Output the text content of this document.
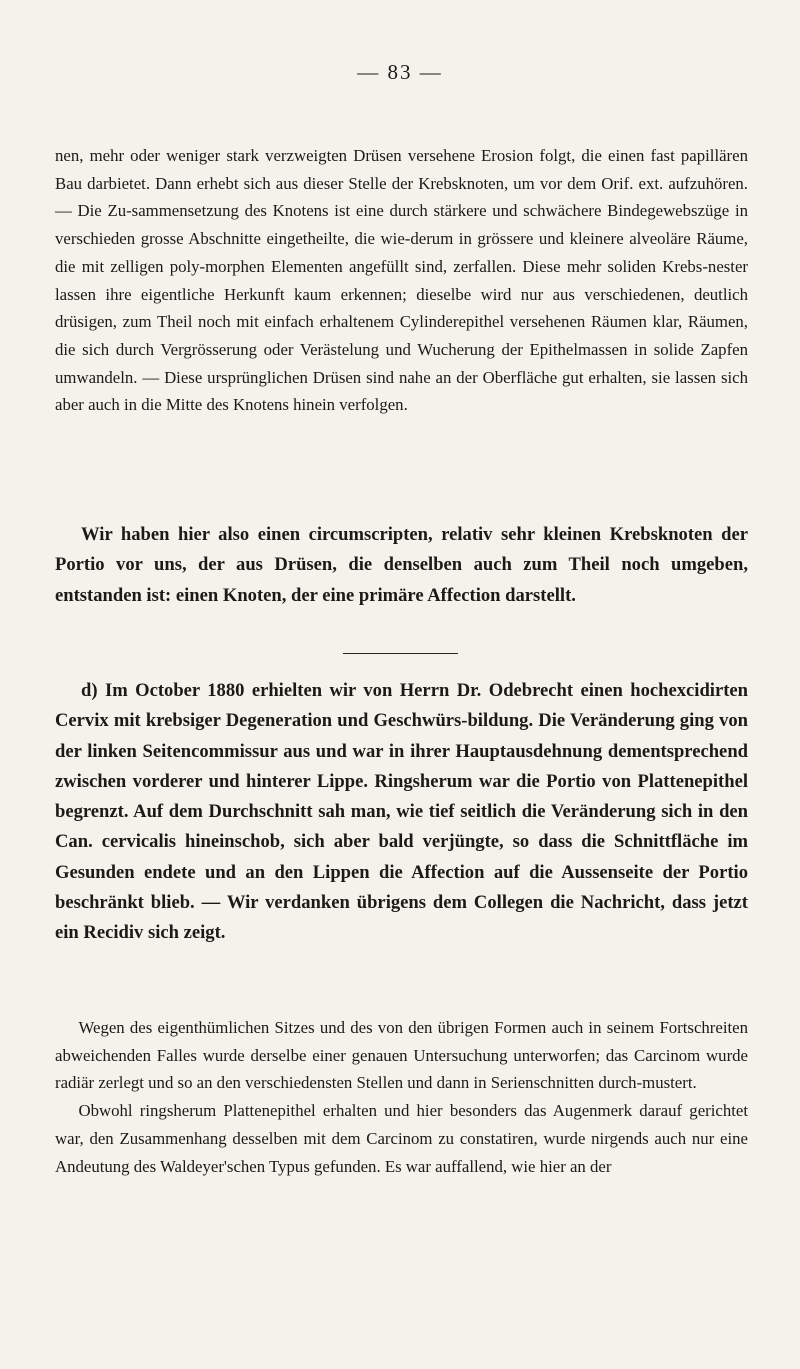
— 83 —

nen, mehr oder weniger stark verzweigten Drüsen versehene Erosion folgt, die einen fast papillären Bau darbietet. Dann erhebt sich aus dieser Stelle der Krebsknoten, um vor dem Orif. ext. aufzuhören. — Die Zu-sammensetzung des Knotens ist eine durch stärkere und schwächere Bindegewebszüge in verschieden grosse Abschnitte eingetheilte, die wie-derum in grössere und kleinere alveoläre Räume, die mit zelligen poly-morphen Elementen angefüllt sind, zerfallen. Diese mehr soliden Krebs-nester lassen ihre eigentliche Herkunft kaum erkennen; dieselbe wird nur aus verschiedenen, deutlich drüsigen, zum Theil noch mit einfach erhaltenem Cylinderepithel versehenen Räumen klar, Räumen, die sich durch Vergrösserung oder Verästelung und Wucherung der Epithelmassen in solide Zapfen umwandeln. — Diese ursprünglichen Drüsen sind nahe an der Oberfläche gut erhalten, sie lassen sich aber auch in die Mitte des Knotens hinein verfolgen.

Wir haben hier also einen circumscripten, relativ sehr kleinen Krebsknoten der Portio vor uns, der aus Drüsen, die denselben auch zum Theil noch umgeben, entstanden ist: einen Knoten, der eine primäre Affection darstellt.

d) Im October 1880 erhielten wir von Herrn Dr. Odebrecht einen hochexcidirten Cervix mit krebsiger Degeneration und Geschwürs-bildung. Die Veränderung ging von der linken Seitencommissur aus und war in ihrer Hauptausdehnung dementsprechend zwischen vorderer und hinterer Lippe. Ringsherum war die Portio von Plattenepithel begrenzt. Auf dem Durchschnitt sah man, wie tief seitlich die Veränderung sich in den Can. cervicalis hineinschob, sich aber bald verjüngte, so dass die Schnittfläche im Gesunden endete und an den Lippen die Affection auf die Aussenseite der Portio beschränkt blieb. — Wir verdanken übrigens dem Collegen die Nachricht, dass jetzt ein Recidiv sich zeigt.

Wegen des eigenthümlichen Sitzes und des von den übrigen Formen auch in seinem Fortschreiten abweichenden Falles wurde derselbe einer genauen Untersuchung unterworfen; das Carcinom wurde radiär zerlegt und so an den verschiedensten Stellen und dann in Serienschnitten durch-mustert.

Obwohl ringsherum Plattenepithel erhalten und hier besonders das Augenmerk darauf gerichtet war, den Zusammenhang desselben mit dem Carcinom zu constatiren, wurde nirgends auch nur eine Andeutung des Waldeyer'schen Typus gefunden. Es war auffallend, wie hier an der
